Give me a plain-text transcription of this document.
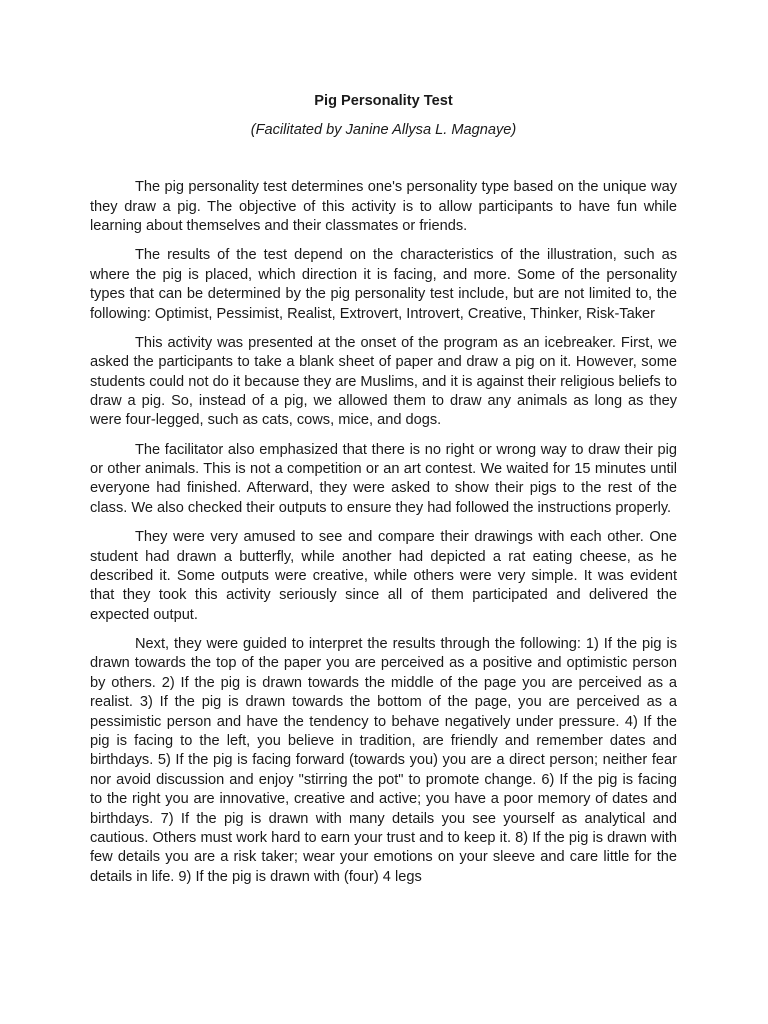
Pig Personality Test

(Facilitated by Janine Allysa L. Magnaye)

The pig personality test determines one's personality type based on the unique way they draw a pig. The objective of this activity is to allow participants to have fun while learning about themselves and their classmates or friends.

The results of the test depend on the characteristics of the illustration, such as where the pig is placed, which direction it is facing, and more. Some of the personality types that can be determined by the pig personality test include, but are not limited to, the following: Optimist, Pessimist, Realist, Extrovert, Introvert, Creative, Thinker, Risk-Taker

This activity was presented at the onset of the program as an icebreaker. First, we asked the participants to take a blank sheet of paper and draw a pig on it. However, some students could not do it because they are Muslims, and it is against their religious beliefs to draw a pig. So, instead of a pig, we allowed them to draw any animals as long as they were four-legged, such as cats, cows, mice, and dogs.

The facilitator also emphasized that there is no right or wrong way to draw their pig or other animals. This is not a competition or an art contest. We waited for 15 minutes until everyone had finished. Afterward, they were asked to show their pigs to the rest of the class. We also checked their outputs to ensure they had followed the instructions properly.

They were very amused to see and compare their drawings with each other. One student had drawn a butterfly, while another had depicted a rat eating cheese, as he described it. Some outputs were creative, while others were very simple. It was evident that they took this activity seriously since all of them participated and delivered the expected output.

Next, they were guided to interpret the results through the following: 1) If the pig is drawn towards the top of the paper you are perceived as a positive and optimistic person by others. 2) If the pig is drawn towards the middle of the page you are perceived as a realist. 3) If the pig is drawn towards the bottom of the page, you are perceived as a pessimistic person and have the tendency to behave negatively under pressure. 4) If the pig is facing to the left, you believe in tradition, are friendly and remember dates and birthdays. 5) If the pig is facing forward (towards you) you are a direct person; neither fear nor avoid discussion and enjoy "stirring the pot" to promote change. 6) If the pig is facing to the right you are innovative, creative and active; you have a poor memory of dates and birthdays. 7) If the pig is drawn with many details you see yourself as analytical and cautious. Others must work hard to earn your trust and to keep it. 8) If the pig is drawn with few details you are a risk taker; wear your emotions on your sleeve and care little for the details in life. 9) If the pig is drawn with (four) 4 legs
